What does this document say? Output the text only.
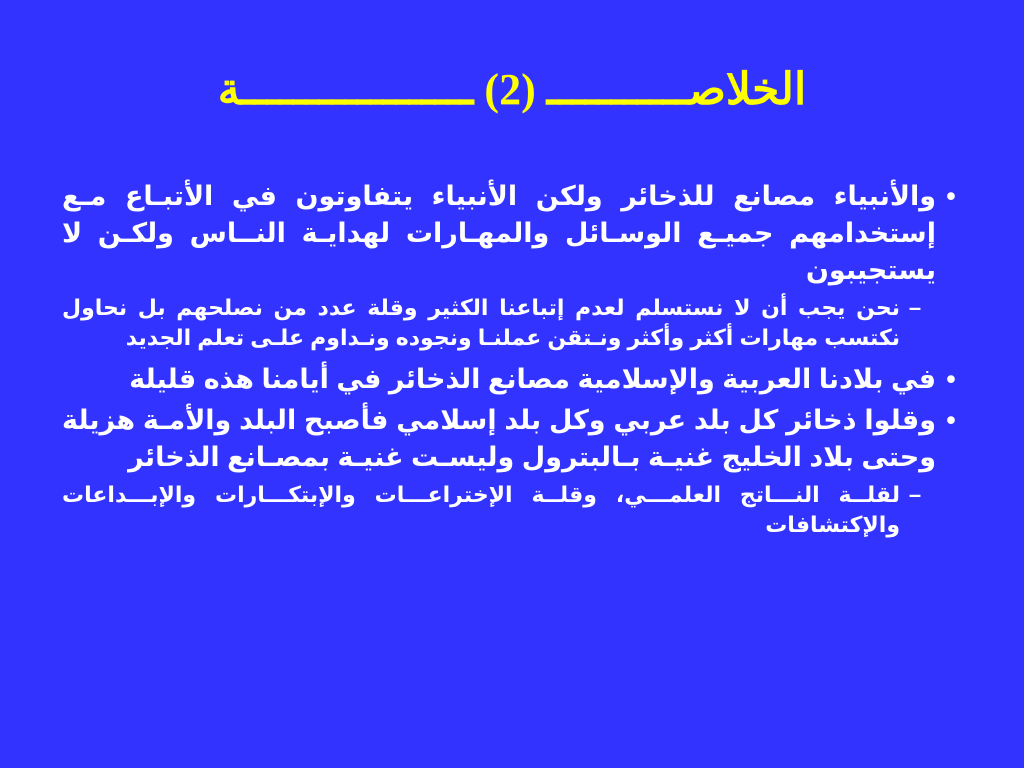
الخلاصـــــــــــ (2) ــــــــــــــــــة
•
والأنبياء مصانع للذخائر ولكن الأنبياء يتفاوتون في الأتبـاع مـع إستخدامهم جميـع الوسـائل والمهـارات لهدايـة النــاس ولكـن لا يستجيبون
–
نحن يجب أن لا نستسلم لعدم إتباعنا الكثير وقلة عدد من نصلحهم بل نحاول نكتسب مهارات أكثر وأكثر ونـتقن عملنـا ونجوده ونـداوم علـى تعلم الجديد
•
في بلادنا العربية والإسلامية مصانع الذخائر في أيامنا هذه قليلة
•
وقلوا ذخائر كل بلد عربي وكل بلد إسلامي فأصبح البلد والأمـة هزيلة وحتى بلاد الخليج غنيـة بـالبترول وليسـت غنيـة بمصـانع الذخائر
–
لقلــة النـــاتج العلمـــي، وقلــة الإختراعـــات والإبتكـــارات والإبـــداعات والإكتشافات
